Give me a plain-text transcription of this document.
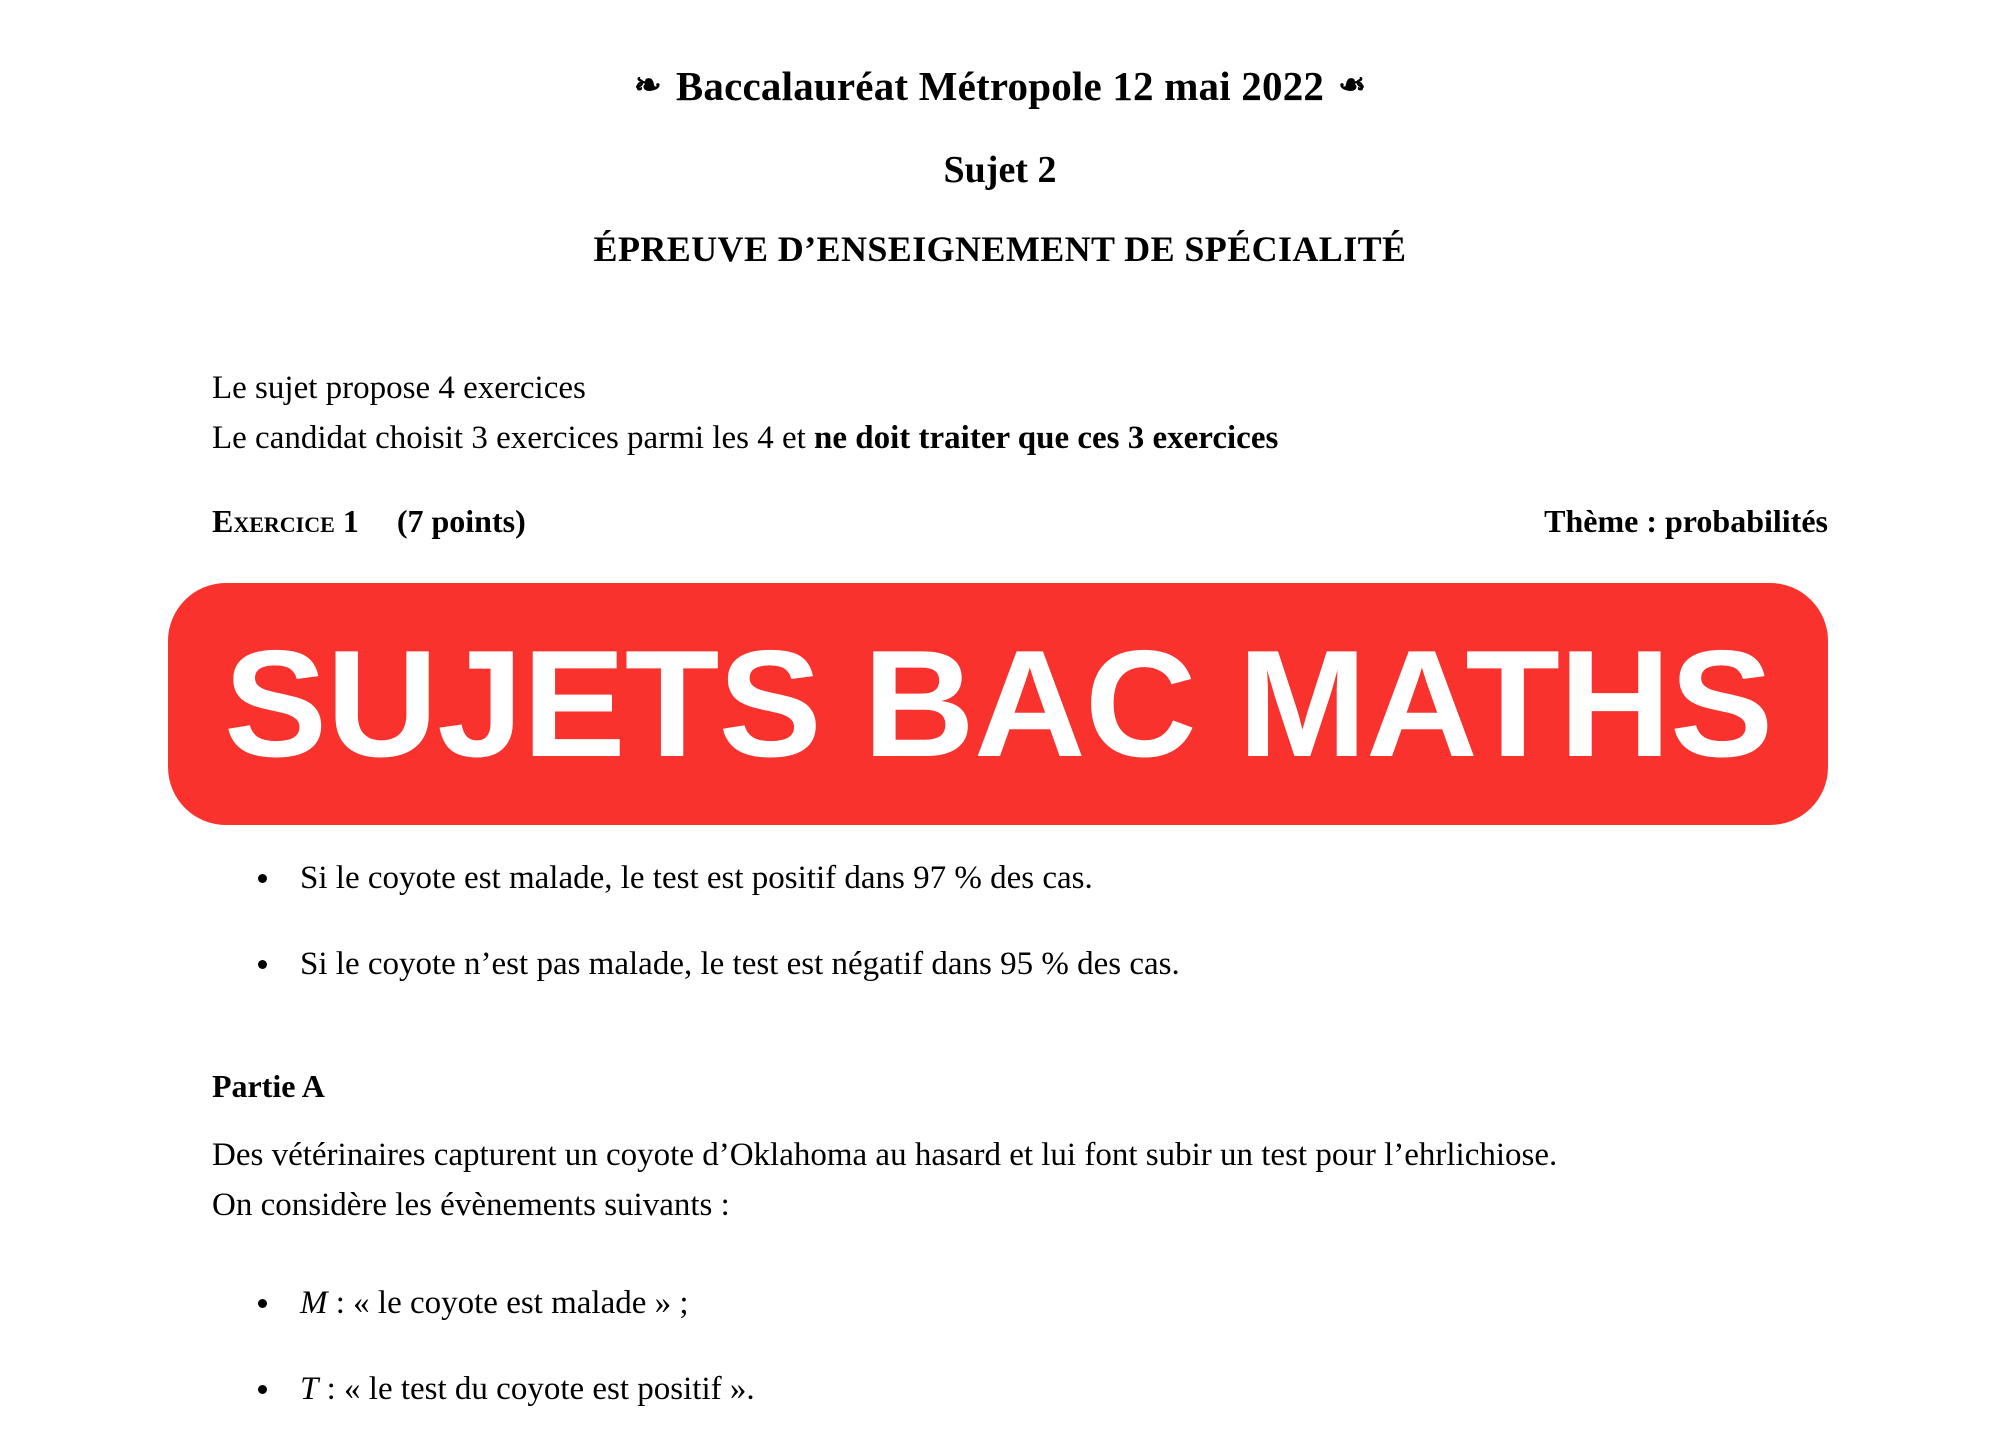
❧ Baccalauréat Métropole 12 mai 2022 ❧
Sujet 2
ÉPREUVE D’ENSEIGNEMENT DE SPÉCIALITÉ
Le sujet propose 4 exercices
Le candidat choisit 3 exercices parmi les 4 et ne doit traiter que ces 3 exercices
Exercice 1 (7 points)	Thème : probabilités
Si le coyote est malade, le test est positif dans 97 % des cas.
Si le coyote n’est pas malade, le test est négatif dans 95 % des cas.
Partie A
Des vétérinaires capturent un coyote d’Oklahoma au hasard et lui font subir un test pour l’ehrlichiose.
On considère les évènements suivants :
M : « le coyote est malade » ;
T : « le test du coyote est positif ».
SUJETS BAC MATHS
